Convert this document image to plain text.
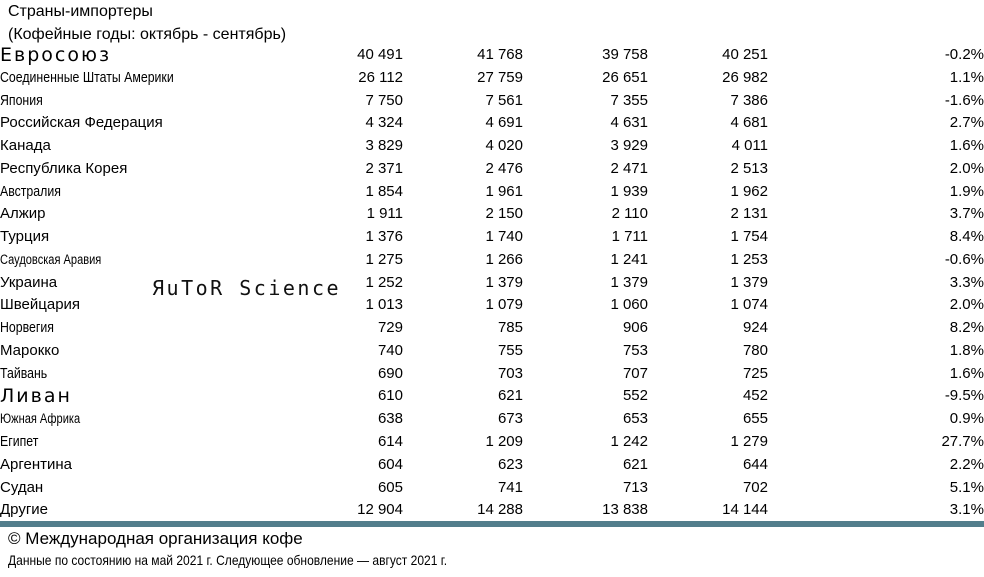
Страны-импортеры
(Кофейные годы: октябрь - сентябрь)
Евросоюз	40 491	41 768	39 758	40 251	-0.2%
Соединенные Штаты Америки	26 112	27 759	26 651	26 982	1.1%
Япония	7 750	7 561	7 355	7 386	-1.6%
Российская Федерация	4 324	4 691	4 631	4 681	2.7%
Канада	3 829	4 020	3 929	4 011	1.6%
Республика Корея	2 371	2 476	2 471	2 513	2.0%
Австралия	1 854	1 961	1 939	1 962	1.9%
Алжир	1 911	2 150	2 110	2 131	3.7%
Турция	1 376	1 740	1 711	1 754	8.4%
Саудовская Аравия	1 275	1 266	1 241	1 253	-0.6%
Украина	1 252	1 379	1 379	1 379	3.3%
Швейцария	1 013	1 079	1 060	1 074	2.0%
Норвегия	729	785	906	924	8.2%
Марокко	740	755	753	780	1.8%
Тайвань	690	703	707	725	1.6%
Ливан	610	621	552	452	-9.5%
Южная Африка	638	673	653	655	0.9%
Египет	614	1 209	1 242	1 279	27.7%
Аргентина	604	623	621	644	2.2%
Судан	605	741	713	702	5.1%
Другие	12 904	14 288	13 838	14 144	3.1%
© Международная организация кофе
Данные по состоянию на май 2021 г. Следующее обновление — август 2021 г.
ЯuToR Science
